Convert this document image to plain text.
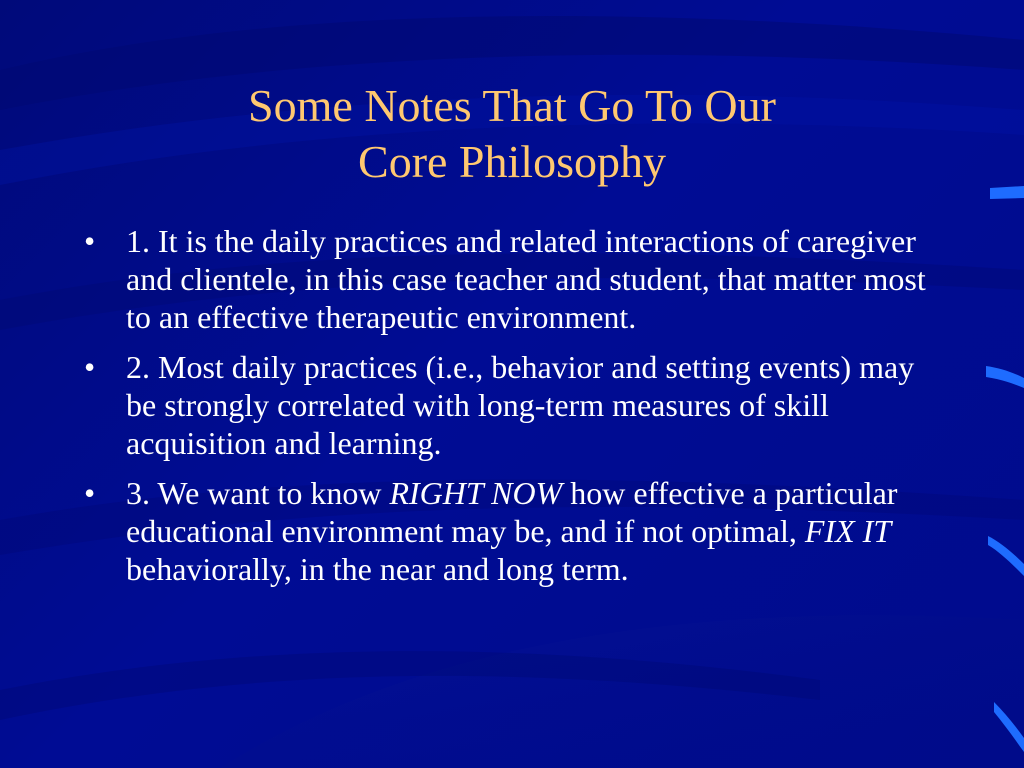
Some Notes That Go To Our
Core Philosophy
• 1. It is the daily practices and related interactions of caregiver and clientele, in this case teacher and student, that matter most to an effective therapeutic environment.
• 2. Most daily practices (i.e., behavior and setting events) may be strongly correlated with long-term measures of skill acquisition and learning.
• 3. We want to know RIGHT NOW how effective a particular educational environment may be, and if not optimal, FIX IT behaviorally, in the near and long term.
